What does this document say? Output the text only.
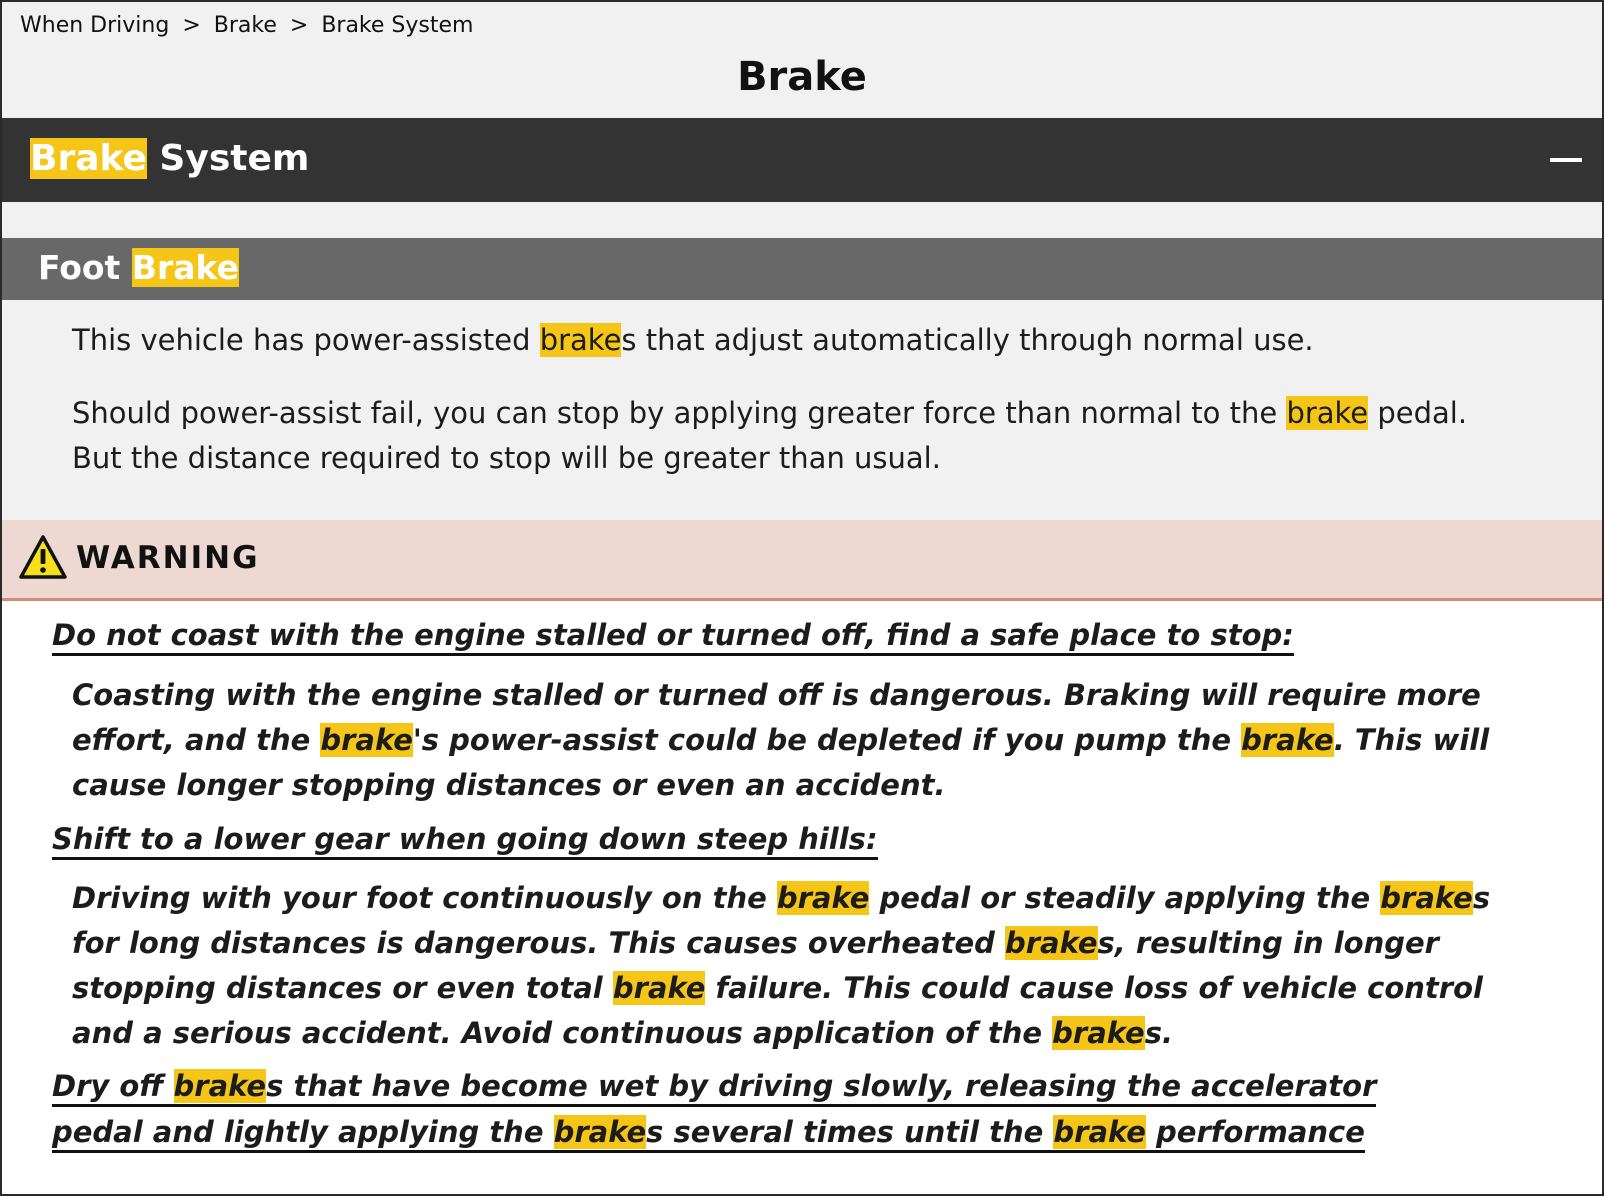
When Driving > Brake > Brake System
Brake
Brake System
Foot Brake

This vehicle has power-assisted brakes that adjust automatically through normal use.

Should power-assist fail, you can stop by applying greater force than normal to the brake pedal. But the distance required to stop will be greater than usual.

WARNING
Do not coast with the engine stalled or turned off, find a safe place to stop:

Coasting with the engine stalled or turned off is dangerous. Braking will require more effort, and the brake's power-assist could be depleted if you pump the brake. This will cause longer stopping distances or even an accident.

Shift to a lower gear when going down steep hills:

Driving with your foot continuously on the brake pedal or steadily applying the brakes for long distances is dangerous. This causes overheated brakes, resulting in longer stopping distances or even total brake failure. This could cause loss of vehicle control and a serious accident. Avoid continuous application of the brakes.

Dry off brakes that have become wet by driving slowly, releasing the accelerator pedal and lightly applying the brakes several times until the brake performance
